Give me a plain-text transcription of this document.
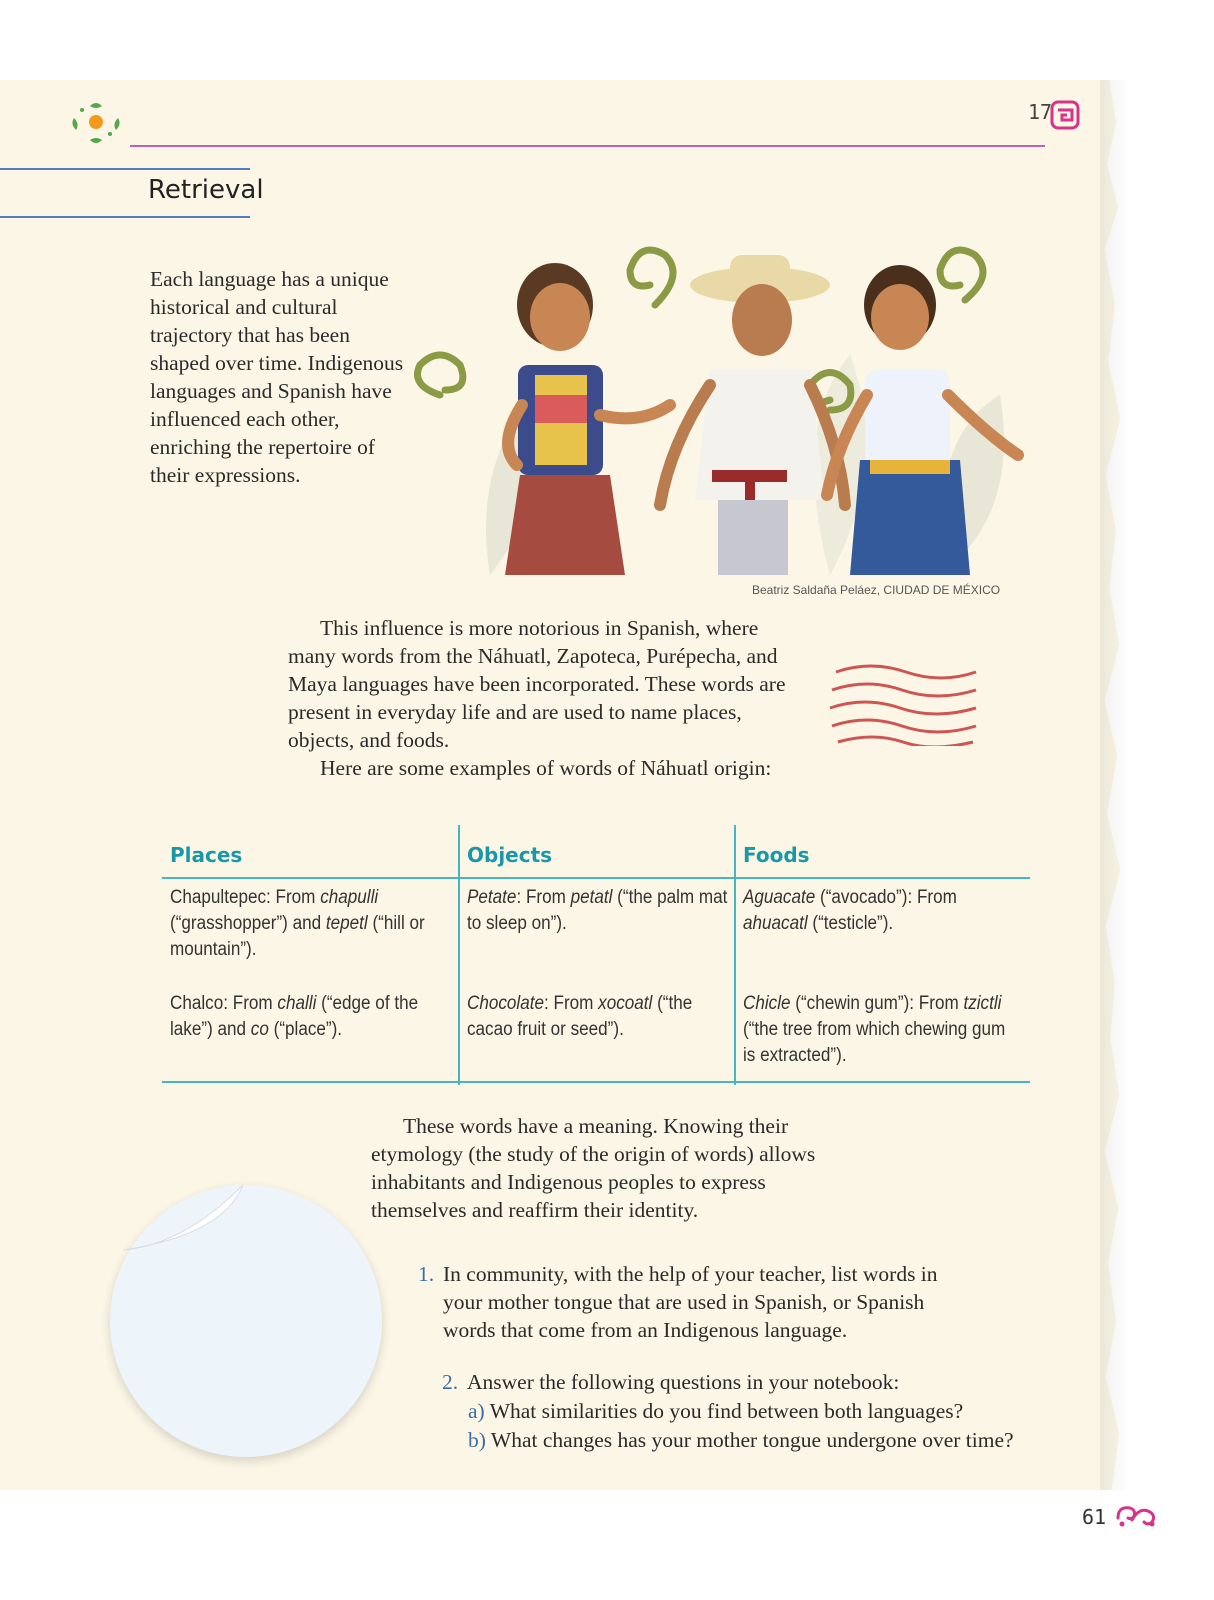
17
Retrieval

Each language has a unique historical and cultural trajectory that has been shaped over time. Indigenous languages and Spanish have influenced each other, enriching the repertoire of their expressions.

Beatriz Saldaña Peláez, CIUDAD DE MÉXICO

This influence is more notorious in Spanish, where many words from the Náhuatl, Zapoteca, Purépecha, and Maya languages have been incorporated. These words are present in everyday life and are used to name places, objects, and foods.

Here are some examples of words of Náhuatl origin:

Places	Objects	Foods
Chapultepec: From chapulli (“grasshopper”) and tepetl (“hill or mountain”).
Chalco: From challi (“edge of the lake”) and co (“place”).
Petate: From petatl (“the palm mat to sleep on”).
Chocolate: From xocoatl (“the cacao fruit or seed”).
Aguacate (“avocado”): From ahuacatl (“testicle”).
Chicle (“chewin gum”): From tzictli (“the tree from which chewing gum is extracted”).

These words have a meaning. Knowing their etymology (the study of the origin of words) allows inhabitants and Indigenous peoples to express themselves and reaffirm their identity.

1. In community, with the help of your teacher, list words in your mother tongue that are used in Spanish, or Spanish words that come from an Indigenous language.
2. Answer the following questions in your notebook:
a) What similarities do you find between both languages?
b) What changes has your mother tongue undergone over time?
61
